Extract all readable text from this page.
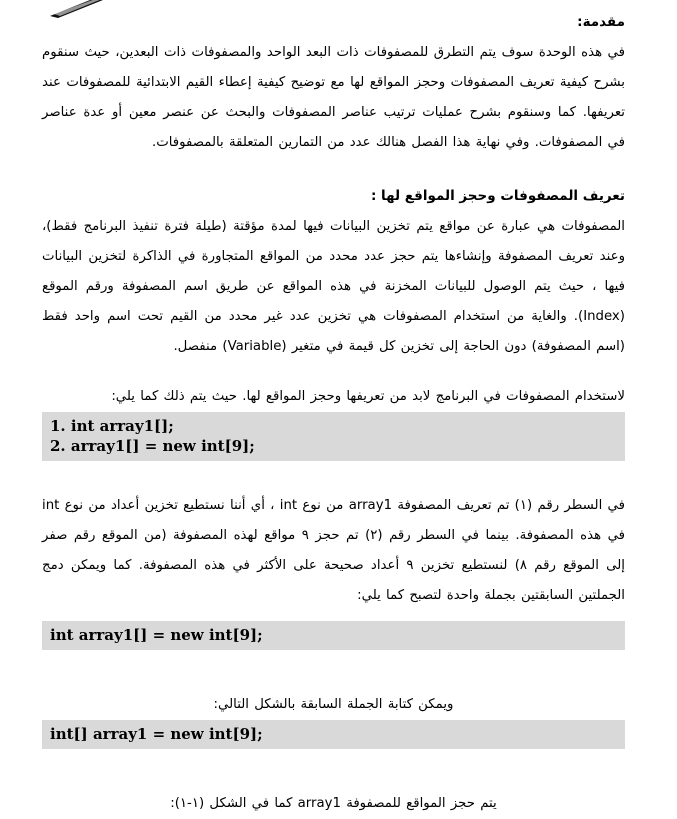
مقدمة:

في هذه الوحدة سوف يتم التطرق للمصفوفات ذات البعد الواحد والمصفوفات ذات البعدين، حيث سنقوم بشرح كيفية تعريف المصفوفات وحجز المواقع لها مع توضيح كيفية إعطاء القيم الابتدائية للمصفوفات عند تعريفها. كما وسنقوم بشرح عمليات ترتيب عناصر المصفوفات والبحث عن عنصر معين أو عدة عناصر في المصفوفات. وفي نهاية هذا الفصل هنالك عدد من التمارين المتعلقة بالمصفوفات.

تعريف المصفوفات وحجز المواقع لها :

المصفوفات هي عبارة عن مواقع يتم تخزين البيانات فيها لمدة مؤقتة (طيلة فترة تنفيذ البرنامج فقط)، وعند تعريف المصفوفة وإنشاءها يتم حجز عدد محدد من المواقع المتجاورة في الذاكرة لتخزين البيانات فيها ، حيث يتم الوصول للبيانات المخزنة في هذه المواقع عن طريق اسم المصفوفة ورقم الموقع (Index). والغاية من استخدام المصفوفات هي تخزين عدد غير محدد من القيم تحت اسم واحد فقط (اسم المصفوفة) دون الحاجة إلى تخزين كل قيمة في متغير (Variable) منفصل.

لاستخدام المصفوفات في البرنامج لابد من تعريفها وحجز المواقع لها. حيث يتم ذلك كما يلي:

1. int array1[];
2. array1[] = new int[9];

في السطر رقم (١) تم تعريف المصفوفة array1 من نوع int ، أي أننا نستطيع تخزين أعداد من نوع int في هذه المصفوفة. بينما في السطر رقم (٢) تم حجز ٩ مواقع لهذه المصفوفة (من الموقع رقم صفر إلى الموقع رقم ٨) لنستطيع تخزين ٩ أعداد صحيحة على الأكثر في هذه المصفوفة. كما ويمكن دمج الجملتين السابقتين بجملة واحدة لتصبح كما يلي:

int array1[] = new int[9];

ويمكن كتابة الجملة السابقة بالشكل التالي:

int[] array1 = new int[9];

يتم حجز المواقع للمصفوفة array1 كما في الشكل (١-١):
